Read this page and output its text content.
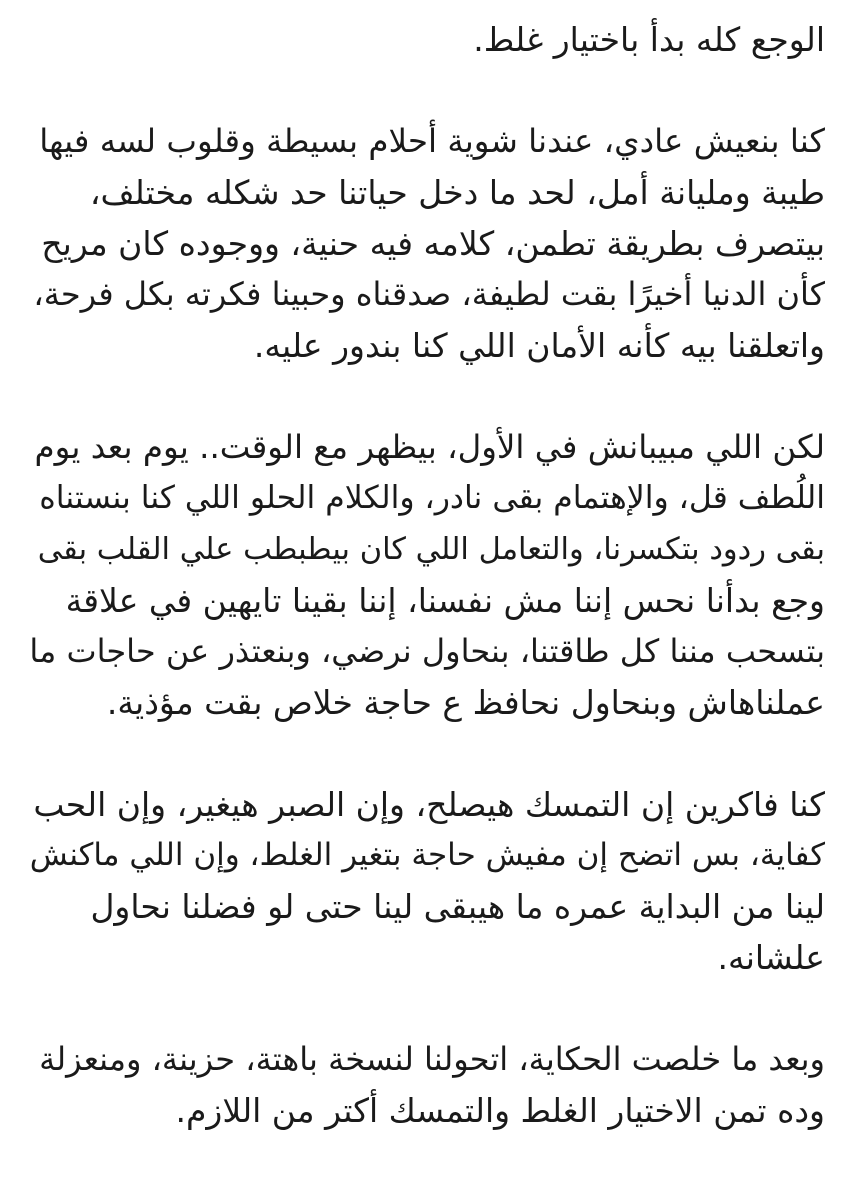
الوجع كله بدأ باختيار غلط.
كنا بنعيش عادي، عندنا شوية أحلام بسيطة وقلوب لسه فيها
طيبة ومليانة أمل، لحد ما دخل حياتنا حد شكله مختلف،
بيتصرف بطريقة تطمن، كلامه فيه حنية، ووجوده كان مريح
كأن الدنيا أخيرًا بقت لطيفة، صدقناه وحبينا فكرته بكل فرحة،
واتعلقنا بيه كأنه الأمان اللي كنا بندور عليه.
لكن اللي مبيبانش في الأول، بيظهر مع الوقت.. يوم بعد يوم
اللُطف قل، والإهتمام بقى نادر، والكلام الحلو اللي كنا بنستناه
بقى ردود بتكسرنا، والتعامل اللي كان بيطبطب علي القلب بقى
وجع بدأنا نحس إننا مش نفسنا، إننا بقينا تايهين في علاقة
بتسحب مننا كل طاقتنا، بنحاول نرضي، وبنعتذر عن حاجات ما
عملناهاش وبنحاول نحافظ ع حاجة خلاص بقت مؤذية.
كنا فاكرين إن التمسك هيصلح، وإن الصبر هيغير، وإن الحب
كفاية، بس اتضح إن مفيش حاجة بتغير الغلط، وإن اللي ماكنش
لينا من البداية عمره ما هيبقى لينا حتى لو فضلنا نحاول
علشانه.
وبعد ما خلصت الحكاية، اتحولنا لنسخة باهتة، حزينة، ومنعزلة
وده تمن الاختيار الغلط والتمسك أكتر من اللازم.
